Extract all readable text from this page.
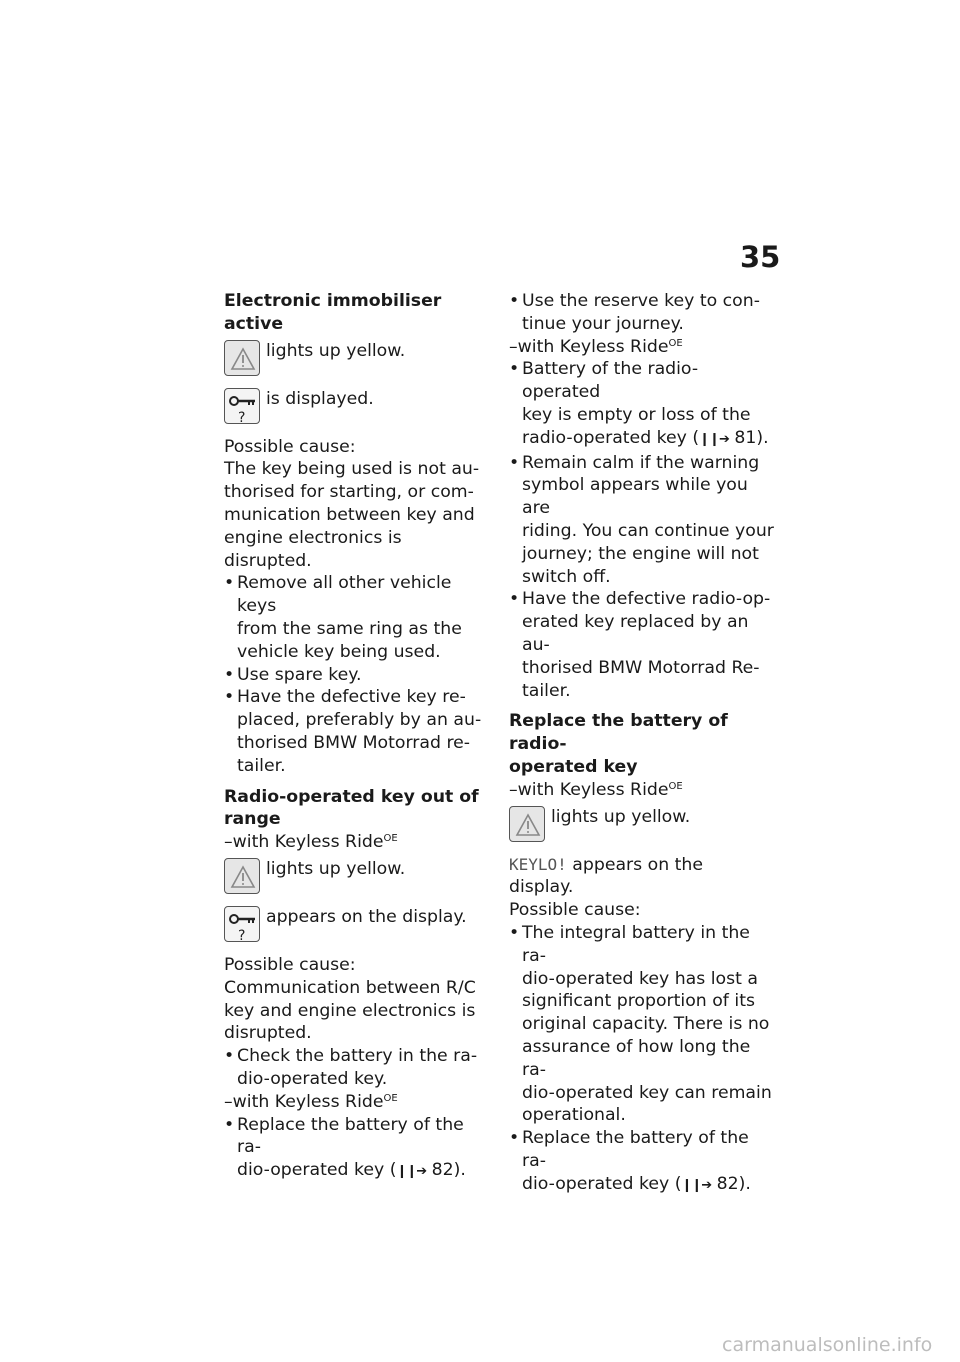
35

Electronic immobiliser active

lights up yellow.
?
is displayed.

Possible cause:

The key being used is not au-

thorised for starting, or com-

munication between key and

engine electronics is disrupted.

• Remove all other vehicle keys
from the same ring as the
vehicle key being used.
• Use spare key.
• Have the defective key re-
placed, preferably by an au-
thorised BMW Motorrad re-
tailer.

Radio-operated key out of

range

–with Keyless Ride$^{OE}$

lights up yellow.
?
appears on the display.

Possible cause:

Communication between R/C

key and engine electronics is

disrupted.

• Check the battery in the ra-
dio-operated key.

–with Keyless Ride$^{OE}$

• Replace the battery of the ra-
dio-operated key (❙❙➔ 82).
• Use the reserve key to con-
tinue your journey.

–with Keyless Ride$^{OE}$

• Battery of the radio-operated
key is empty or loss of the
radio-operated key (❙❙➔ 81).
• Remain calm if the warning
symbol appears while you are
riding. You can continue your
journey; the engine will not
switch off.
• Have the defective radio-op-
erated key replaced by an au-
thorised BMW Motorrad Re-
tailer.

Replace the battery of radio-

operated key

–with Keyless Ride$^{OE}$

lights up yellow.

KEYLO! appears on the

display.

Possible cause:

• The integral battery in the ra-
dio-operated key has lost a
significant proportion of its
original capacity. There is no
assurance of how long the ra-
dio-operated key can remain
operational.
• Replace the battery of the ra-
dio-operated key (❙❙➔ 82).
carmanualsonline.info
